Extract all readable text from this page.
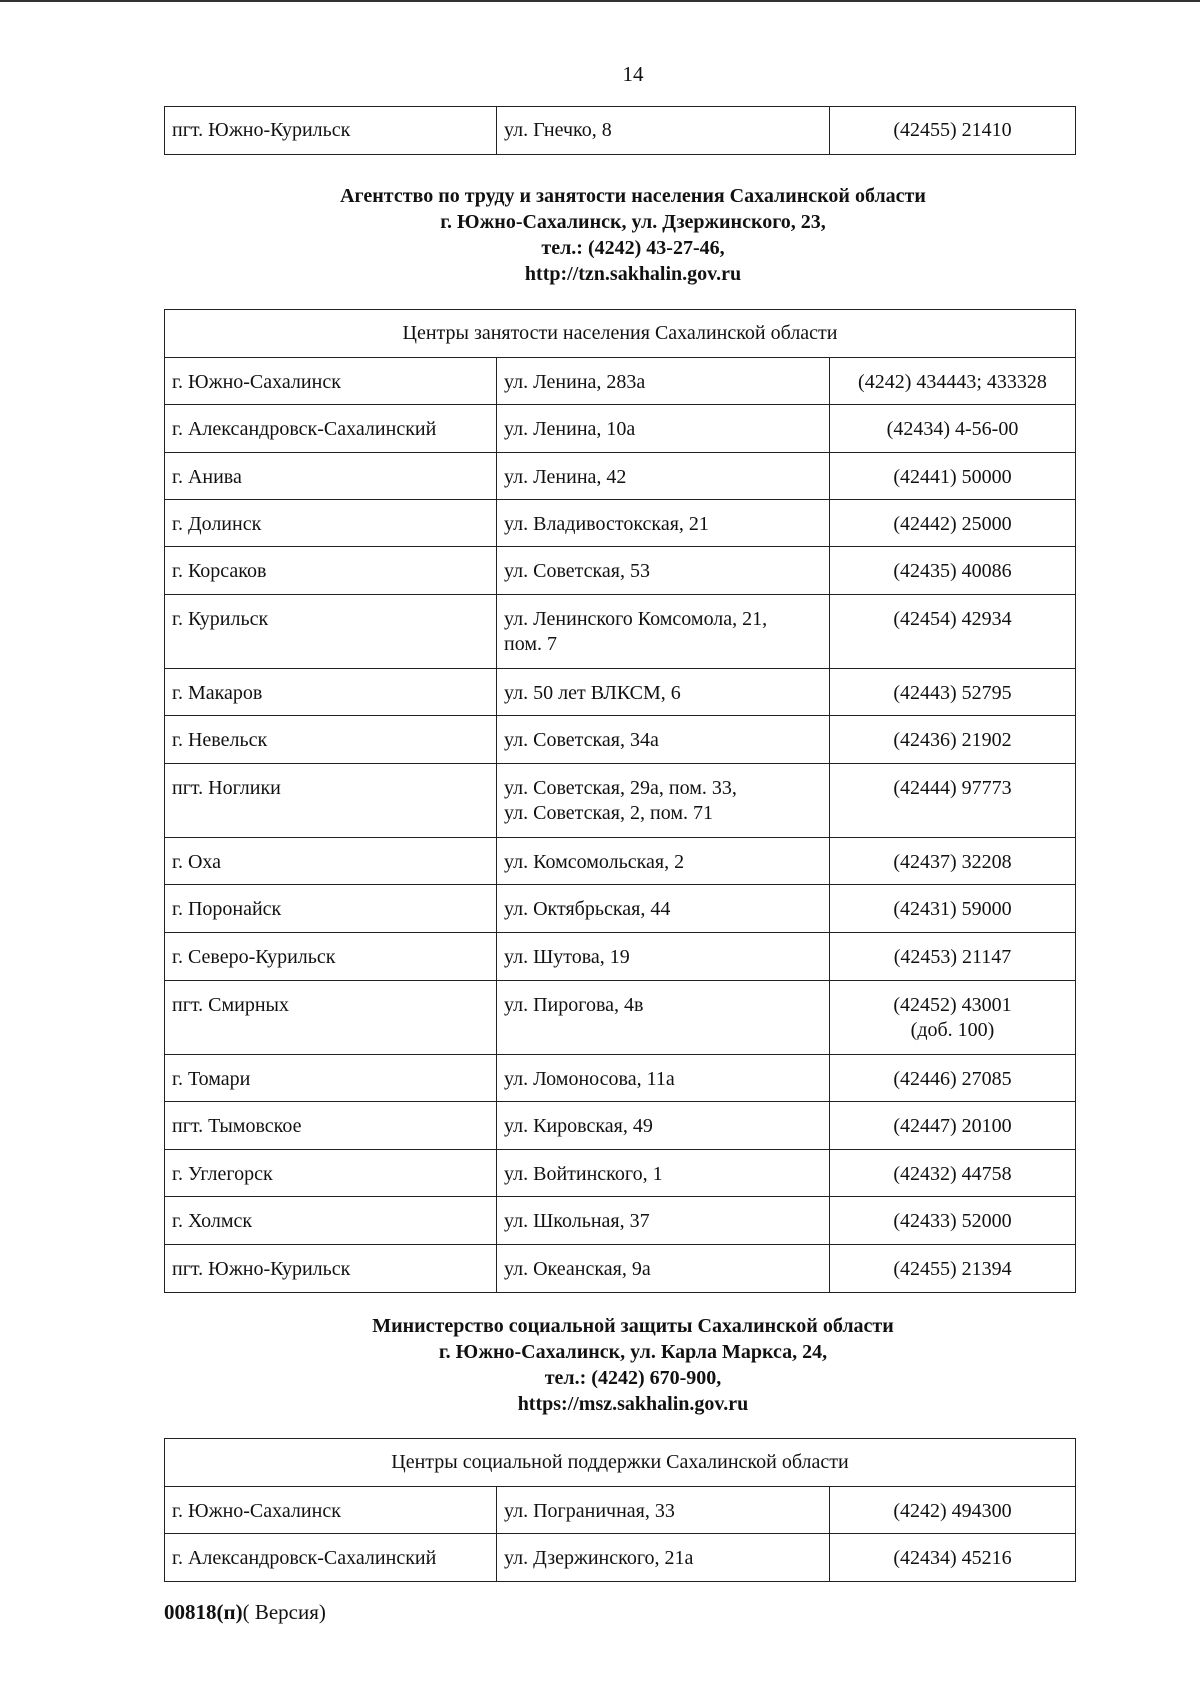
14
пгт. Южно-Курильск	ул. Гнечко, 8	(42455) 21410
Агентство по труду и занятости населения Сахалинской области
г. Южно-Сахалинск, ул. Дзержинского, 23,
тел.: (4242) 43-27-46,
http://tzn.sakhalin.gov.ru
Центры занятости населения Сахалинской области		

г. Южно-Сахалинск	ул. Ленина, 283а	(4242) 434443; 433328

г. Александровск-Сахалинский	ул. Ленина, 10а	(42434) 4-56-00

г. Анива	ул. Ленина, 42	(42441) 50000

г. Долинск	ул. Владивостокская, 21	(42442) 25000

г. Корсаков	ул. Советская, 53	(42435) 40086

г. Курильск	ул. Ленинского Комсомола, 21,
пом. 7	(42454) 42934

г. Макаров	ул. 50 лет ВЛКСМ, 6	(42443) 52795

г. Невельск	ул. Советская, 34а	(42436) 21902

пгт. Ноглики	ул. Советская, 29а, пом. 33,
ул. Советская, 2, пом. 71	(42444) 97773

г. Оха	ул. Комсомольская, 2	(42437) 32208

г. Поронайск	ул. Октябрьская, 44	(42431) 59000

г. Северо-Курильск	ул. Шутова, 19	(42453) 21147

пгт. Смирных	ул. Пирогова, 4в	(42452) 43001
(доб. 100)

г. Томари	ул. Ломоносова, 11а	(42446) 27085

пгт. Тымовское	ул. Кировская, 49	(42447) 20100

г. Углегорск	ул. Войтинского, 1	(42432) 44758

г. Холмск	ул. Школьная, 37	(42433) 52000

пгт. Южно-Курильск	ул. Океанская, 9а	(42455) 21394
Министерство социальной защиты Сахалинской области
г. Южно-Сахалинск, ул. Карла Маркса, 24,
тел.: (4242) 670-900,
https://msz.sakhalin.gov.ru
Центры социальной поддержки Сахалинской области		

г. Южно-Сахалинск	ул. Пограничная, 33	(4242) 494300

г. Александровск-Сахалинский	ул. Дзержинского, 21а	(42434) 45216
00818(п)( Версия)
